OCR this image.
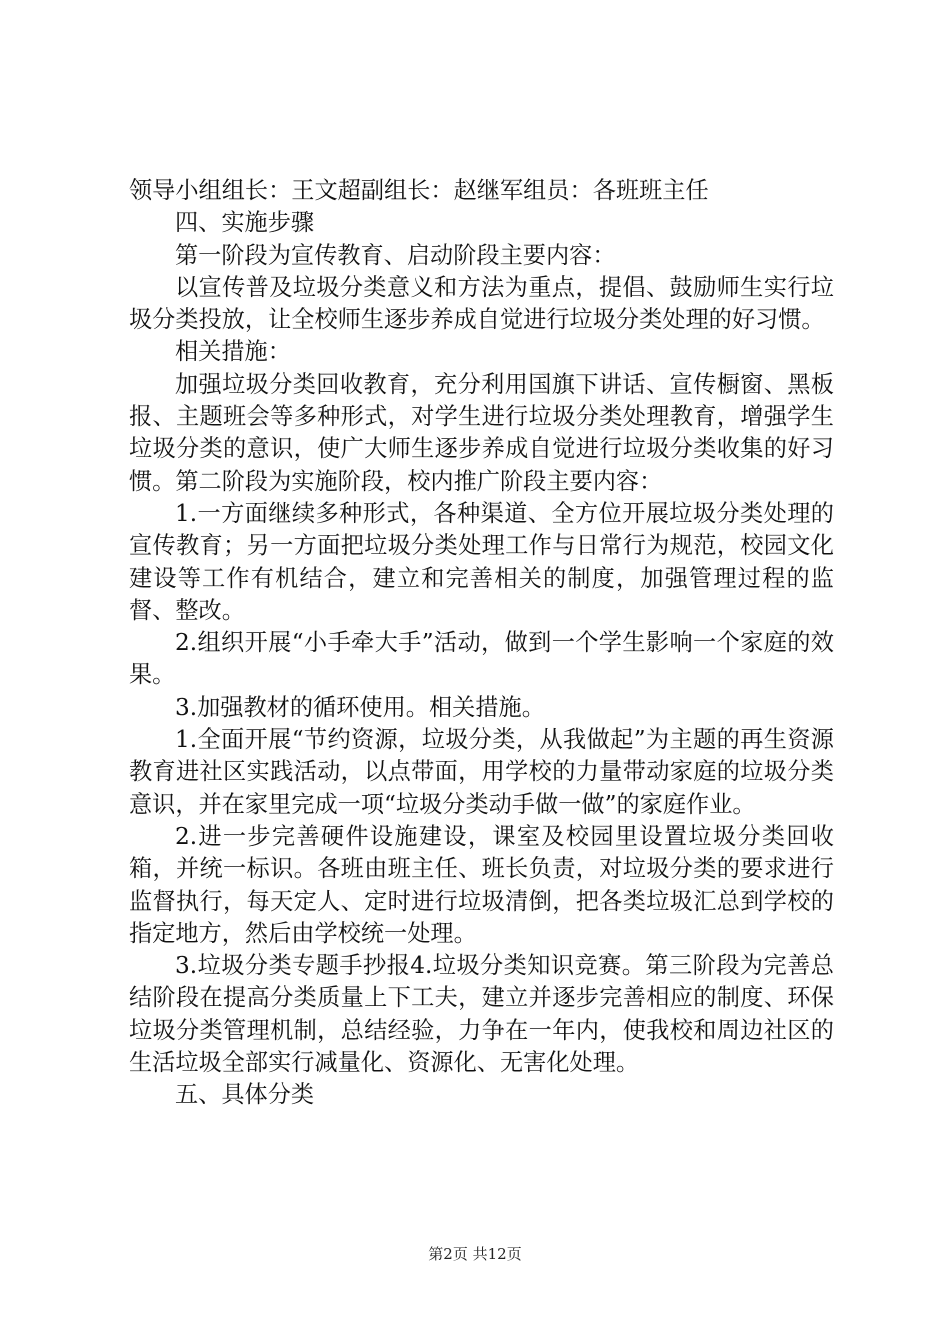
领导小组组长：王文超副组长：赵继军组员：各班班主任

四、实施步骤

第一阶段为宣传教育、启动阶段主要内容：

以宣传普及垃圾分类意义和方法为重点，提倡、鼓励师生实行垃圾分类投放，让全校师生逐步养成自觉进行垃圾分类处理的好习惯。

相关措施：

加强垃圾分类回收教育，充分利用国旗下讲话、宣传橱窗、黑板报、主题班会等多种形式，对学生进行垃圾分类处理教育，增强学生垃圾分类的意识，使广大师生逐步养成自觉进行垃圾分类收集的好习惯。第二阶段为实施阶段，校内推广阶段主要内容：

1.一方面继续多种形式，各种渠道、全方位开展垃圾分类处理的宣传教育；另一方面把垃圾分类处理工作与日常行为规范，校园文化建设等工作有机结合，建立和完善相关的制度，加强管理过程的监督、整改。

2.组织开展“小手牵大手”活动，做到一个学生影响一个家庭的效果。

3.加强教材的循环使用。相关措施。

1.全面开展“节约资源，垃圾分类，从我做起”为主题的再生资源教育进社区实践活动，以点带面，用学校的力量带动家庭的垃圾分类意识，并在家里完成一项“垃圾分类动手做一做”的家庭作业。

2.进一步完善硬件设施建设，课室及校园里设置垃圾分类回收箱，并统一标识。各班由班主任、班长负责，对垃圾分类的要求进行监督执行，每天定人、定时进行垃圾清倒，把各类垃圾汇总到学校的指定地方，然后由学校统一处理。

3.垃圾分类专题手抄报4.垃圾分类知识竞赛。第三阶段为完善总结阶段在提高分类质量上下工夫，建立并逐步完善相应的制度、环保垃圾分类管理机制，总结经验，力争在一年内，使我校和周边社区的生活垃圾全部实行减量化、资源化、无害化处理。

五、具体分类

第2页 共12页
